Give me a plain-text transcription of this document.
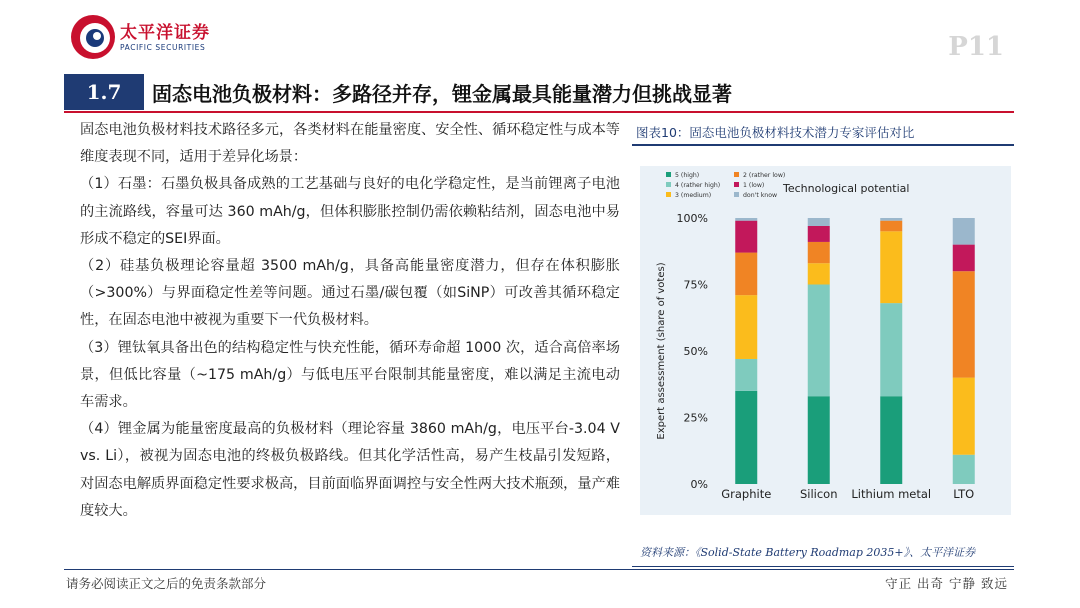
太平洋证券
PACIFIC SECURITIES	P11
1.7	固态电池负极材料：多路径并存，锂金属最具能量潜力但挑战显著

固态电池负极材料技术路径多元，各类材料在能量密度、安全性、循环稳定性与成本等维度表现不同，适用于差异化场景：

（1）石墨：石墨负极具备成熟的工艺基础与良好的电化学稳定性，是当前锂离子电池的主流路线，容量可达 360 mAh/g，但体积膨胀控制仍需依赖粘结剂，固态电池中易形成不稳定的SEI界面。

（2）硅基负极理论容量超 3500 mAh/g，具备高能量密度潜力，但存在体积膨胀（>300%）与界面稳定性差等问题。通过石墨/碳包覆（如SiNP）可改善其循环稳定性，在固态电池中被视为重要下一代负极材料。

（3）锂钛氧具备出色的结构稳定性与快充性能，循环寿命超 1000 次，适合高倍率场景，但低比容量（~175 mAh/g）与低电压平台限制其能量密度，难以满足主流电动车需求。

（4）锂金属为能量密度最高的负极材料（理论容量 3860 mAh/g，电压平台-3.04 V vs. Li），被视为固态电池的终极负极路线。但其化学活性高，易产生枝晶引发短路，对固态电解质界面稳定性要求极高，目前面临界面调控与安全性两大技术瓶颈，量产难度较大。

图表10：固态电池负极材料技术潜力专家评估对比
0%
25%
50%
75%
100%
Expert assessment (share of votes)
Graphite Silicon Lithium metal LTO
5 (high)
4 (rather high)
3 (medium)
2 (rather low)
1 (low)
don't know
Technological potential
资料来源：《Solid-State Battery Roadmap 2035+》、太平洋证券
请务必阅读正文之后的免责条款部分	守正 出奇 宁静 致远
